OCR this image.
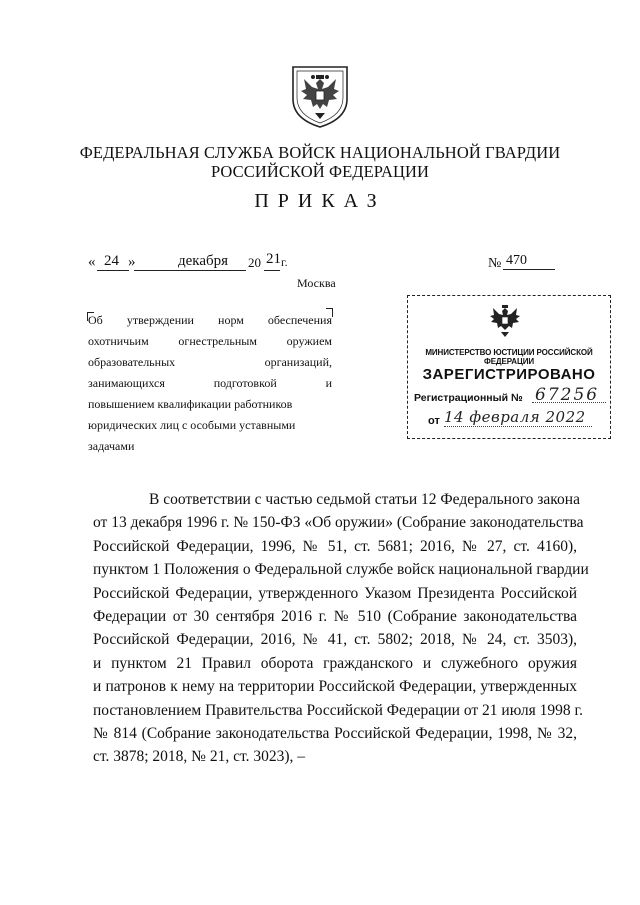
ФЕДЕРАЛЬНАЯ СЛУЖБА ВОЙСК НАЦИОНАЛЬНОЙ ГВАРДИИ
РОССИЙСКОЙ ФЕДЕРАЦИИ
ПРИКАЗ
« 24 »	декабря 20 21 г.
Москва
№ 470
Об утверждении норм обеспечения
охотничьим огнестрельным оружием
образовательных	организаций,
занимающихся	подготовкой	и
повышением квалификации работников
юридических лиц с особыми уставными
задачами
МИНИСТЕРСТВО ЮСТИЦИИ РОССИЙСКОЙ ФЕДЕРАЦИИ
ЗАРЕГИСТРИРОВАНО
Регистрационный № 67256
от 14 февраля 2022
В соответствии с частью седьмой статьи 12 Федерального закона
от 13 декабря 1996 г. № 150-ФЗ «Об оружии» (Собрание законодательства
Российской Федерации, 1996, № 51, ст. 5681; 2016, № 27, ст. 4160),
пунктом 1 Положения о Федеральной службе войск национальной гвардии
Российской Федерации, утвержденного Указом Президента Российской
Федерации от 30 сентября 2016 г. № 510 (Собрание законодательства
Российской Федерации, 2016, № 41, ст. 5802; 2018, № 24, ст. 3503),
и пунктом 21 Правил оборота гражданского и служебного оружия
и патронов к нему на территории Российской Федерации, утвержденных
постановлением Правительства Российской Федерации от 21 июля 1998 г.
№ 814 (Собрание законодательства Российской Федерации, 1998, № 32,
ст. 3878; 2018, № 21, ст. 3023), –
